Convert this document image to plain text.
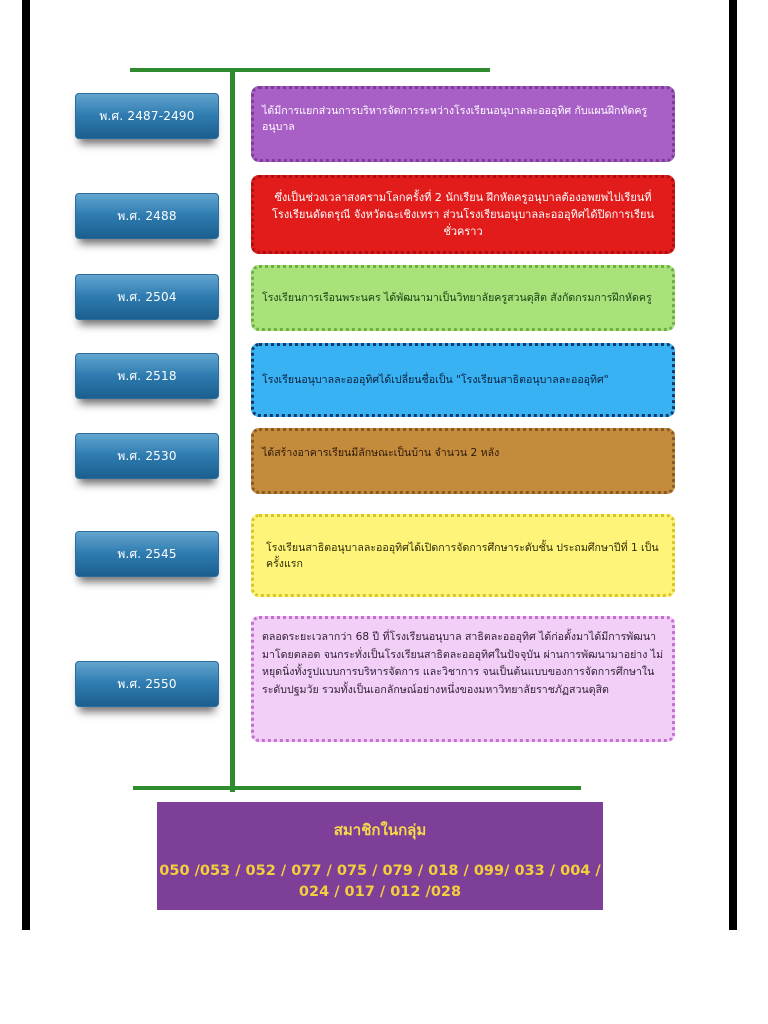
พ.ศ. 2487-2490
พ.ศ. 2488
พ.ศ. 2504
พ.ศ. 2518
พ.ศ. 2530
พ.ศ. 2545
พ.ศ. 2550
ได้มีการแยกส่วนการบริหารจัดการระหว่างโรงเรียนอนุบาลละอออุทิศ กับแผนฝึกหัดครูอนุบาล
ซึ่งเป็นช่วงเวลาสงครามโลกครั้งที่ 2 นักเรียน ฝึกหัดครูอนุบาลต้องอพยพไปเรียนที่โรงเรียนดัดดรุณี จังหวัดฉะเชิงเทรา ส่วนโรงเรียนอนุบาลละอออุทิศได้ปิดการเรียนชั่วคราว
โรงเรียนการเรือนพระนคร ได้พัฒนามาเป็นวิทยาลัยครูสวนดุสิต สังกัดกรมการฝึกหัดครู
โรงเรียนอนุบาลละอออุทิศได้เปลี่ยนชื่อเป็น "โรงเรียนสาธิตอนุบาลละอออุทิศ"
ได้สร้างอาคารเรียนมีลักษณะเป็นบ้าน จำนวน 2 หลัง
โรงเรียนสาธิตอนุบาลละอออุทิศได้เปิดการจัดการศึกษาระดับชั้น ประถมศึกษาปีที่ 1 เป็นครั้งแรก
ตลอดระยะเวลากว่า 68 ปี ที่โรงเรียนอนุบาล สาธิตละอออุทิศ ได้ก่อตั้งมาได้มีการพัฒนามาโดยตลอด จนกระทั่งเป็นโรงเรียนสาธิตละอออุทิศในปัจจุบัน ผ่านการพัฒนามาอย่าง ไม่หยุดนิ่งทั้งรูปแบบการบริหารจัดการ และวิชาการ จนเป็นต้นแบบของการจัดการศึกษาในระดับปฐมวัย รวมทั้งเป็นเอกลักษณ์อย่างหนึ่งของมหาวิทยาลัยราชภัฏสวนดุสิต
สมาชิกในกลุ่ม
050 /053 / 052 / 077 / 075 / 079 / 018 / 099/ 033 / 004 / 024 / 017 / 012 /028
